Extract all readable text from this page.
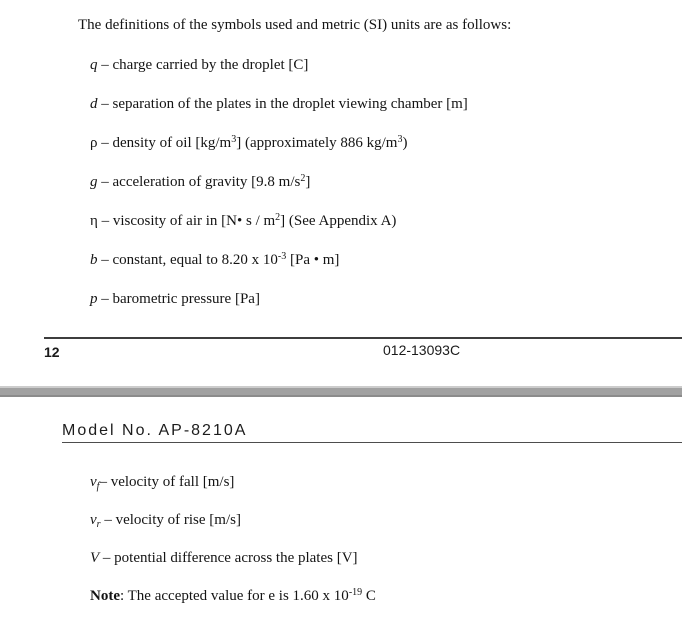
The definitions of the symbols used and metric (SI) units are as follows:
q – charge carried by the droplet [C]
d – separation of the plates in the droplet viewing chamber [m]
ρ – density of oil $[kg/m^3]$ (approximately 886 $kg/m^3$)
g – acceleration of gravity [9.8 $m/s^2$]
η – viscosity of air in [N• s / $m^2$] (See Appendix A)
b – constant, equal to 8.20 x $10^{-3}$ [Pa • m]
p – barometric pressure [Pa]
12	012-13093C
Model No. AP-8210A
$v_f-$ velocity of fall [m/s]
$v_r$ – velocity of rise [m/s]
V – potential difference across the plates [V]
Note: The accepted value for e is 1.60 x $10^{-19}$ C
